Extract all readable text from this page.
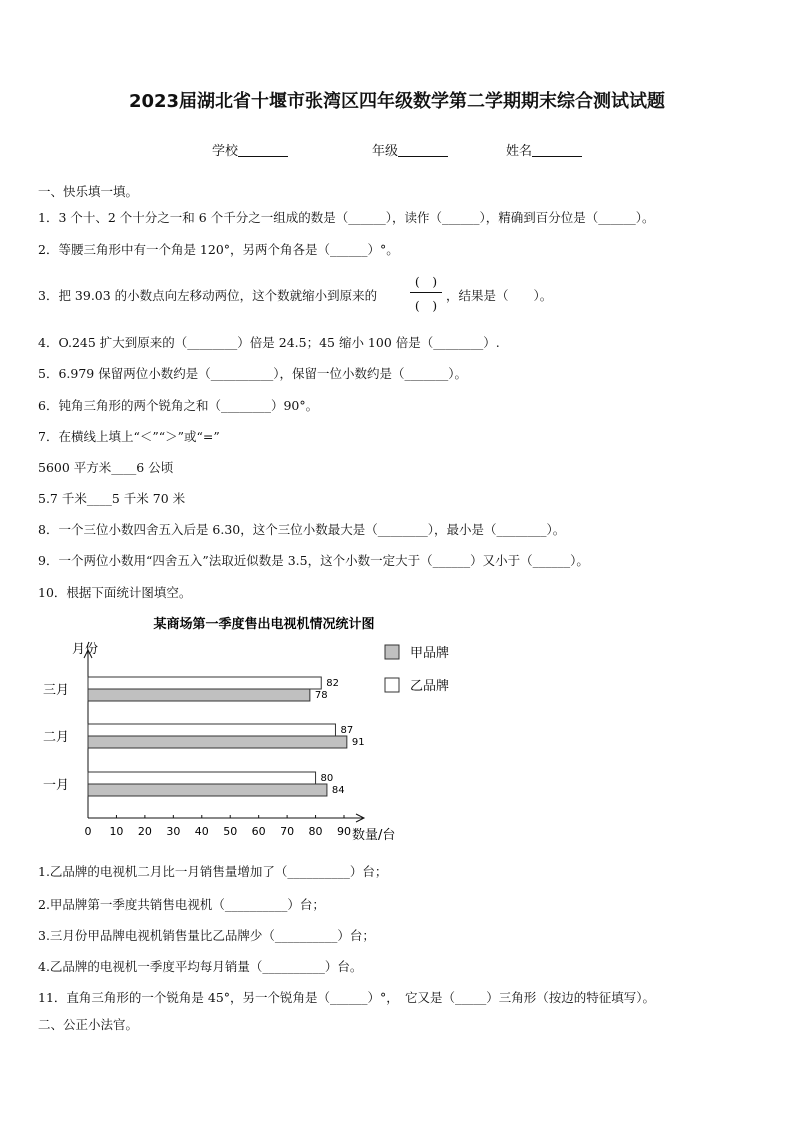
2023届湖北省十堰市张湾区四年级数学第二学期期末综合测试试题
学校	年级	姓名
一、快乐填一填。
1．3 个十、2 个十分之一和 6 个千分之一组成的数是（______），读作（______），精确到百分位是（______）。
2．等腰三角形中有一个角是 120°，另两个角各是（______）°。
3．把 39.03 的小数点向左移动两位，这个数就缩小到原来的
(　)
(　)
，结果是（　　）。
4．O.245 扩大到原来的（________）倍是 24.5；45 缩小 100 倍是（________）.
5．6.979 保留两位小数约是（__________），保留一位小数约是（_______）。
6．钝角三角形的两个锐角之和（________）90°。
7．在横线上填上“＜”“＞”或“=”
5600 平方米____6 公顷
5.7 千米____5 千米 70 米
8．一个三位小数四舍五入后是 6.30，这个三位小数最大是（________），最小是（________）。
9．一个两位小数用“四舍五入”法取近似数是 3.5，这个小数一定大于（______）又小于（______）。
10．根据下面统计图填空。
某商场第一季度售出电视机情况统计图
月份
数量/台
0 10 20 30 40 50 60 70 80 90
三月	82
78
二月	87
91
一月	80
84
甲品牌
乙品牌
1.乙品牌的电视机二月比一月销售量增加了（__________）台；
2.甲品牌第一季度共销售电视机（__________）台；
3.三月份甲品牌电视机销售量比乙品牌少（__________）台；
4.乙品牌的电视机一季度平均每月销量（__________）台。
11．直角三角形的一个锐角是 45°，另一个锐角是（______）°，　它又是（_____）三角形（按边的特征填写）。
二、公正小法官。
